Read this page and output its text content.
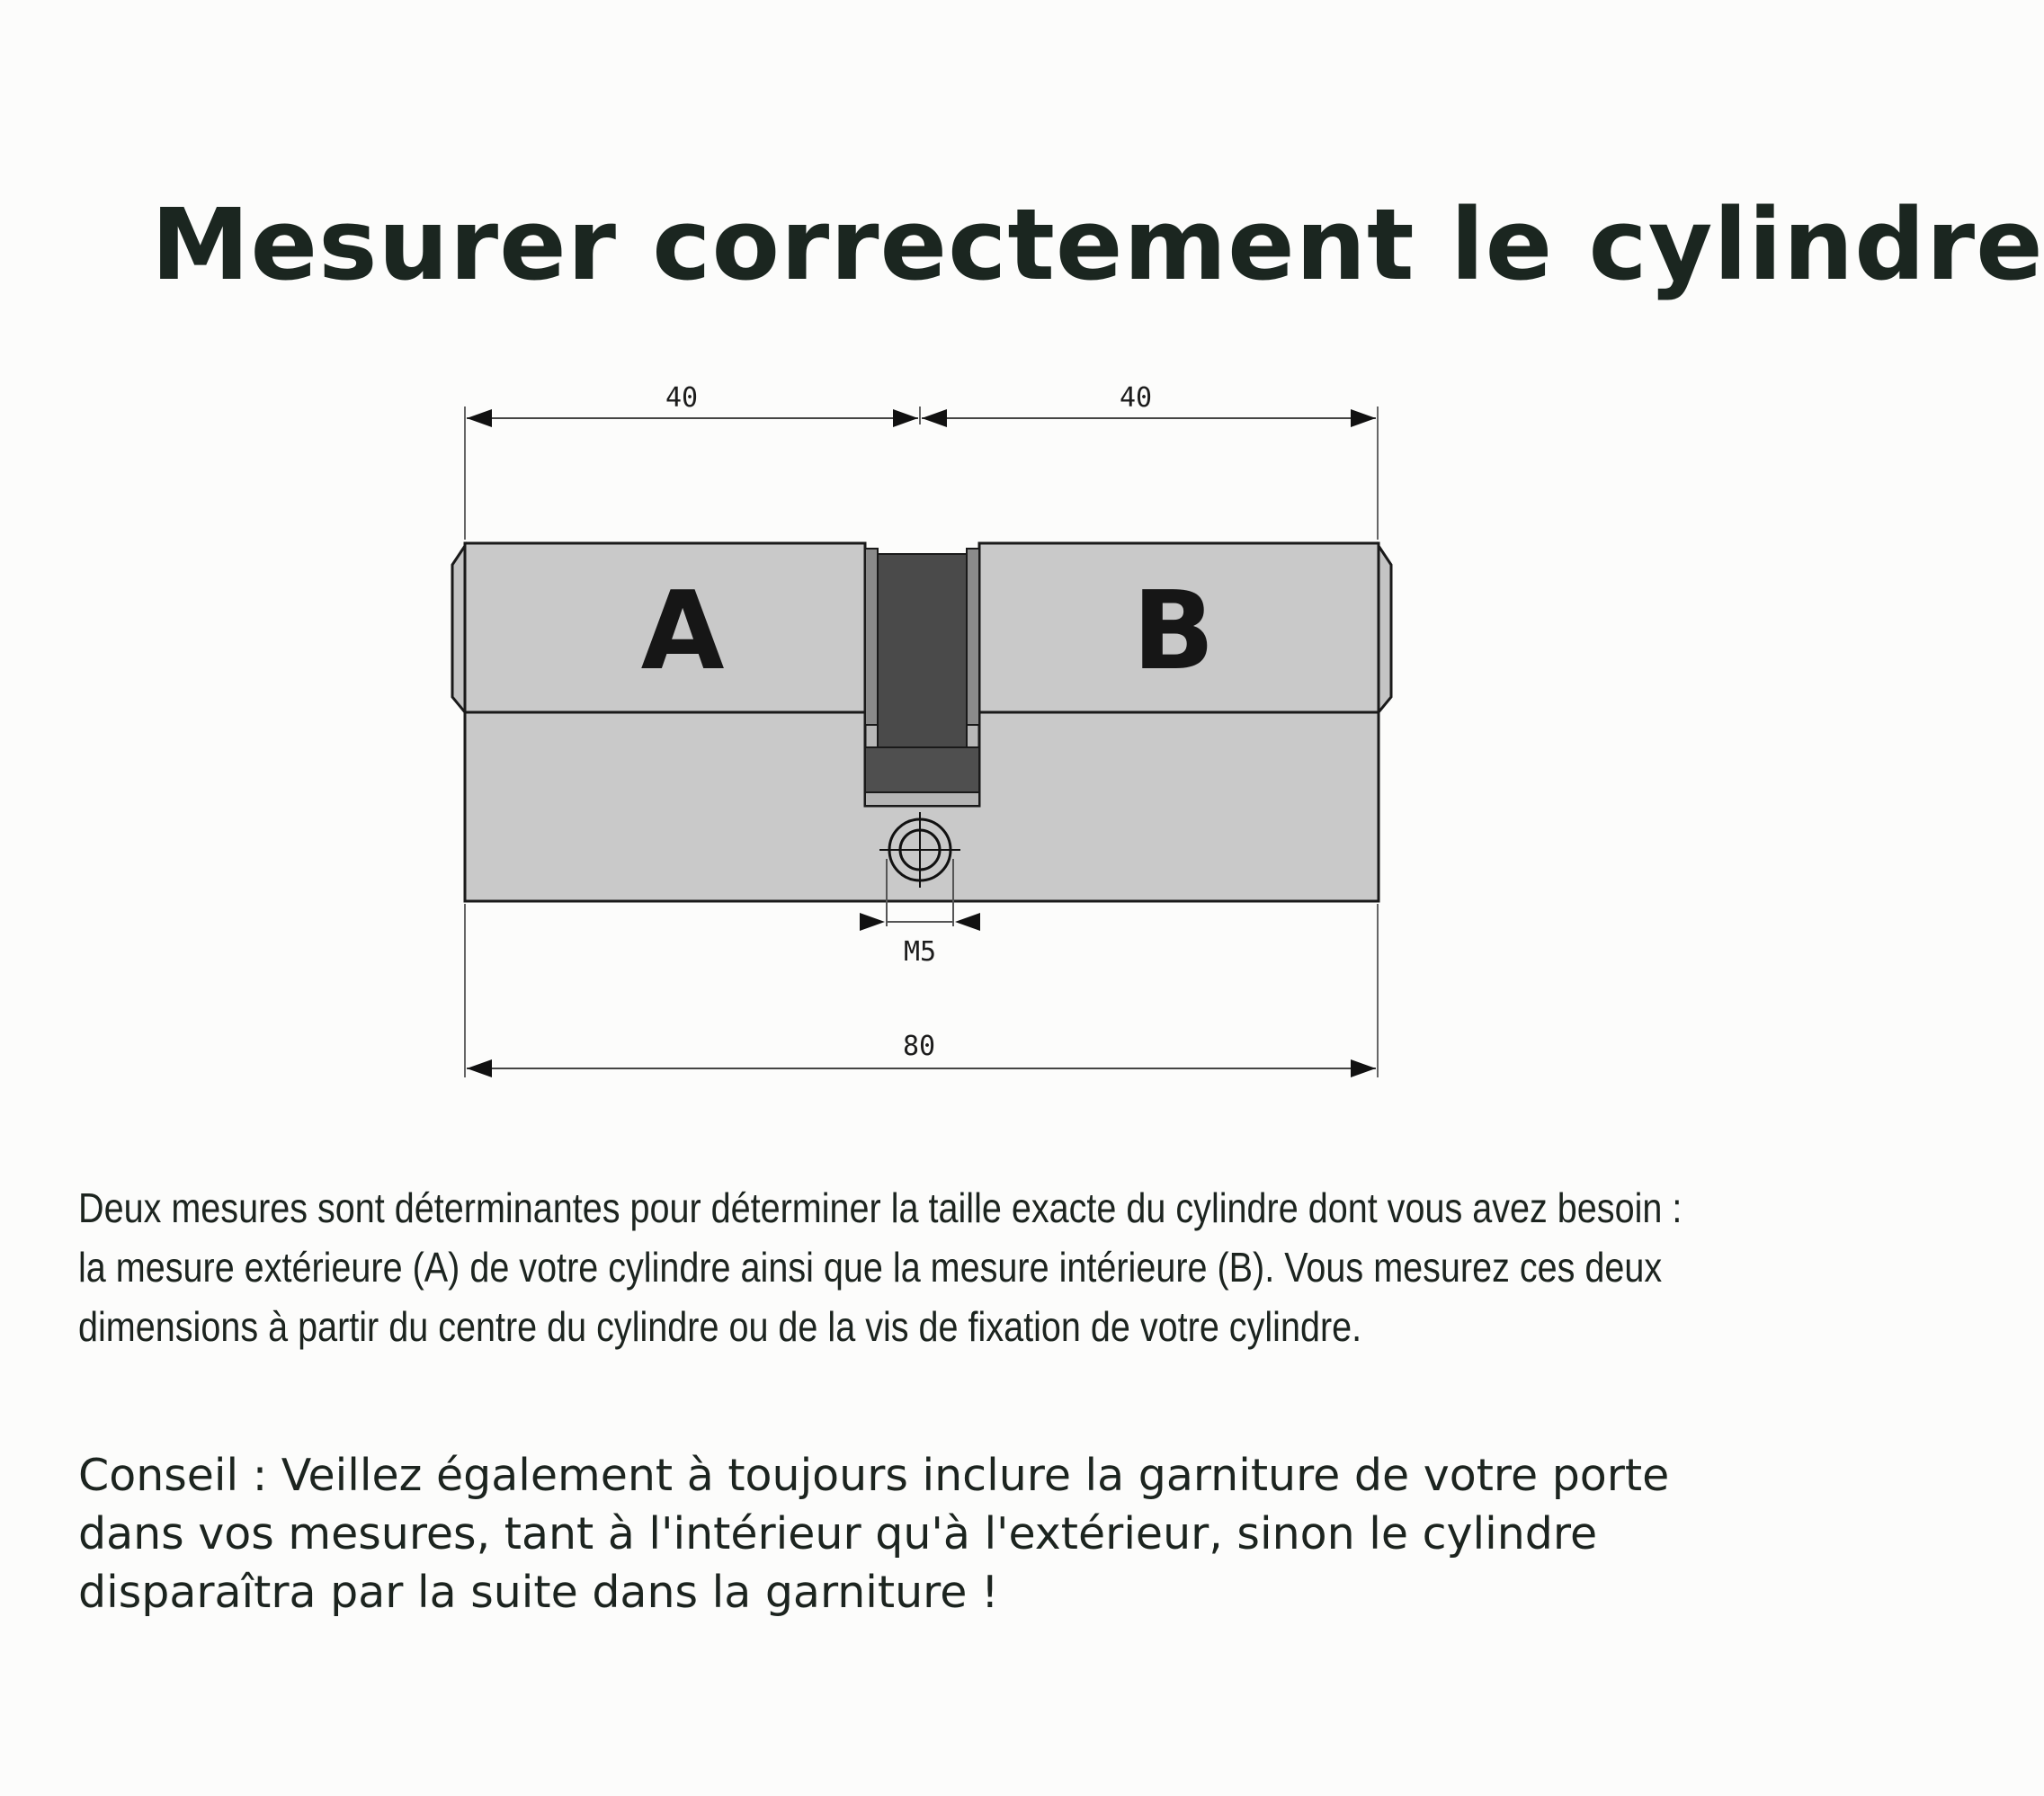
Mesurer correctement le cylindre
40	40
A	B
M5
80

Deux mesures sont déterminantes pour déterminer la taille exacte du cylindre dont vous avez besoin :
la mesure extérieure (A) de votre cylindre ainsi que la mesure intérieure (B). Vous mesurez ces deux
dimensions à partir du centre du cylindre ou de la vis de fixation de votre cylindre.

Conseil : Veillez également à toujours inclure la garniture de votre porte
dans vos mesures, tant à l'intérieur qu'à l'extérieur, sinon le cylindre
disparaîtra par la suite dans la garniture !
